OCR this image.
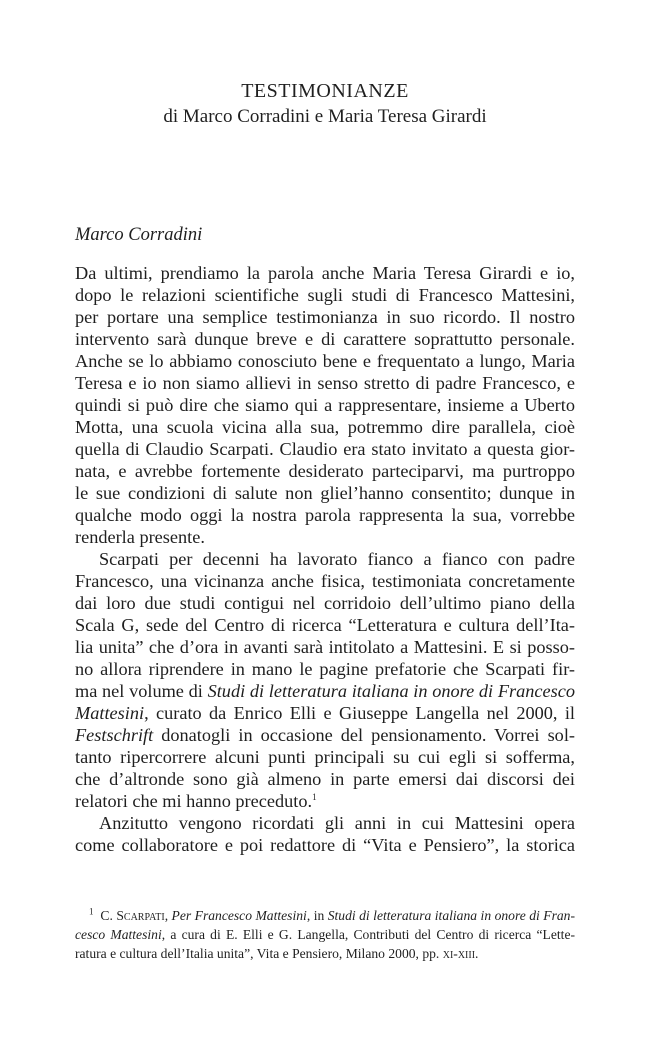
TESTIMONIANZE
di Marco Corradini e Maria Teresa Girardi
Marco Corradini

Da ultimi, prendiamo la parola anche Maria Teresa Girardi e io,
dopo le relazioni scientifiche sugli studi di Francesco Mattesini,
per portare una semplice testimonianza in suo ricordo. Il nostro
intervento sarà dunque breve e di carattere soprattutto personale.
Anche se lo abbiamo conosciuto bene e frequentato a lungo, Maria
Teresa e io non siamo allievi in senso stretto di padre Francesco, e
quindi si può dire che siamo qui a rappresentare, insieme a Uberto
Motta, una scuola vicina alla sua, potremmo dire parallela, cioè
quella di Claudio Scarpati. Claudio era stato invitato a questa gior-
nata, e avrebbe fortemente desiderato parteciparvi, ma purtroppo
le sue condizioni di salute non gliel’hanno consentito; dunque in
qualche modo oggi la nostra parola rappresenta la sua, vorrebbe
renderla presente.

Scarpati per decenni ha lavorato fianco a fianco con padre
Francesco, una vicinanza anche fisica, testimoniata concretamente
dai loro due studi contigui nel corridoio dell’ultimo piano della
Scala G, sede del Centro di ricerca “Letteratura e cultura dell’Ita-
lia unita” che d’ora in avanti sarà intitolato a Mattesini. E si posso-
no allora riprendere in mano le pagine prefatorie che Scarpati fir-
ma nel volume di Studi di letteratura italiana in onore di Francesco
Mattesini, curato da Enrico Elli e Giuseppe Langella nel 2000, il
Festschrift donatogli in occasione del pensionamento. Vorrei sol-
tanto ripercorrere alcuni punti principali su cui egli si sofferma,
che d’altronde sono già almeno in parte emersi dai discorsi dei
relatori che mi hanno preceduto.$^1$

Anzitutto vengono ricordati gli anni in cui Mattesini opera
come collaboratore e poi redattore di “Vita e Pensiero”, la storica

$^1$ C. Scarpati, Per Francesco Mattesini, in Studi di letteratura italiana in onore di Fran-
cesco Mattesini, a cura di E. Elli e G. Langella, Contributi del Centro di ricerca “Lette-
ratura e cultura dell’Italia unita”, Vita e Pensiero, Milano 2000, pp. xi-xiii.
